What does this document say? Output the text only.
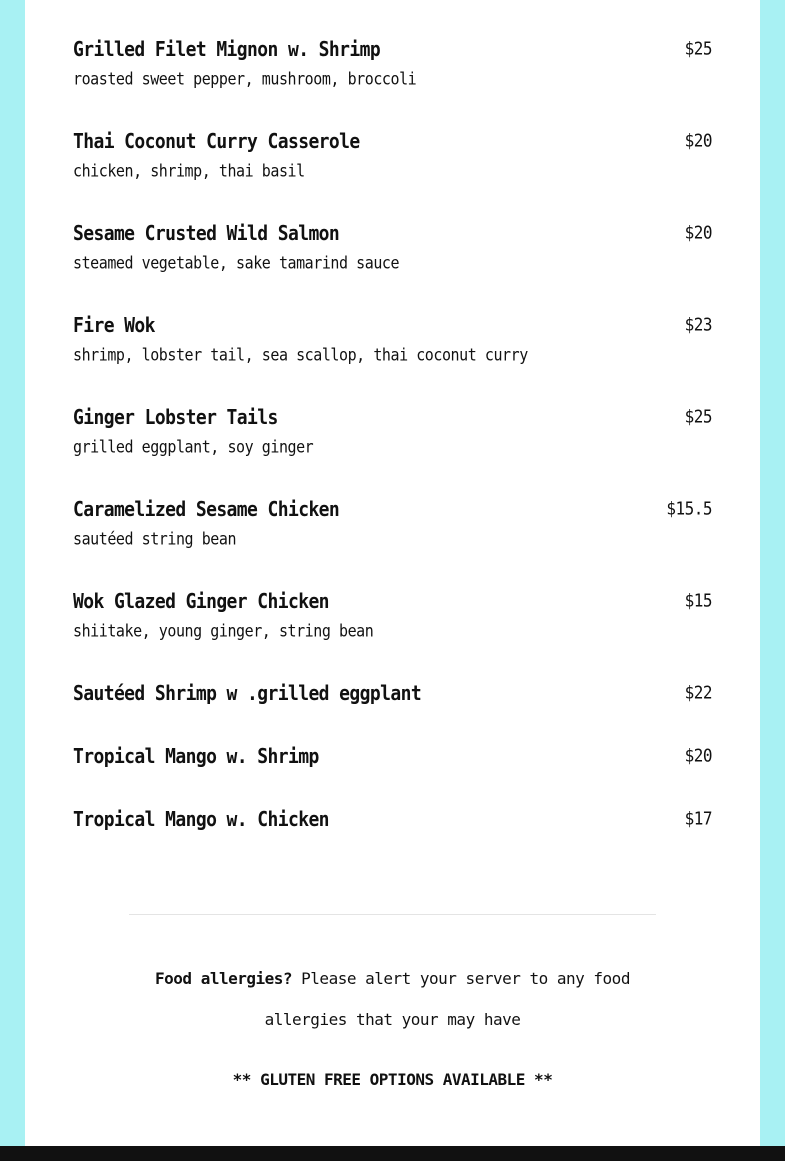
Grilled Filet Mignon w. Shrimp	$25
roasted sweet pepper, mushroom, broccoli
Thai Coconut Curry Casserole	$20
chicken, shrimp, thai basil
Sesame Crusted Wild Salmon	$20
steamed vegetable, sake tamarind sauce
Fire Wok	$23
shrimp, lobster tail, sea scallop, thai coconut curry
Ginger Lobster Tails	$25
grilled eggplant, soy ginger
Caramelized Sesame Chicken	$15.5
sautéed string bean
Wok Glazed Ginger Chicken	$15
shiitake, young ginger, string bean
Sautéed Shrimp w .grilled eggplant	$22
Tropical Mango w. Shrimp	$20
Tropical Mango w. Chicken	$17
Food allergies? Please alert your server to any food
allergies that your may have
** GLUTEN FREE OPTIONS AVAILABLE **
